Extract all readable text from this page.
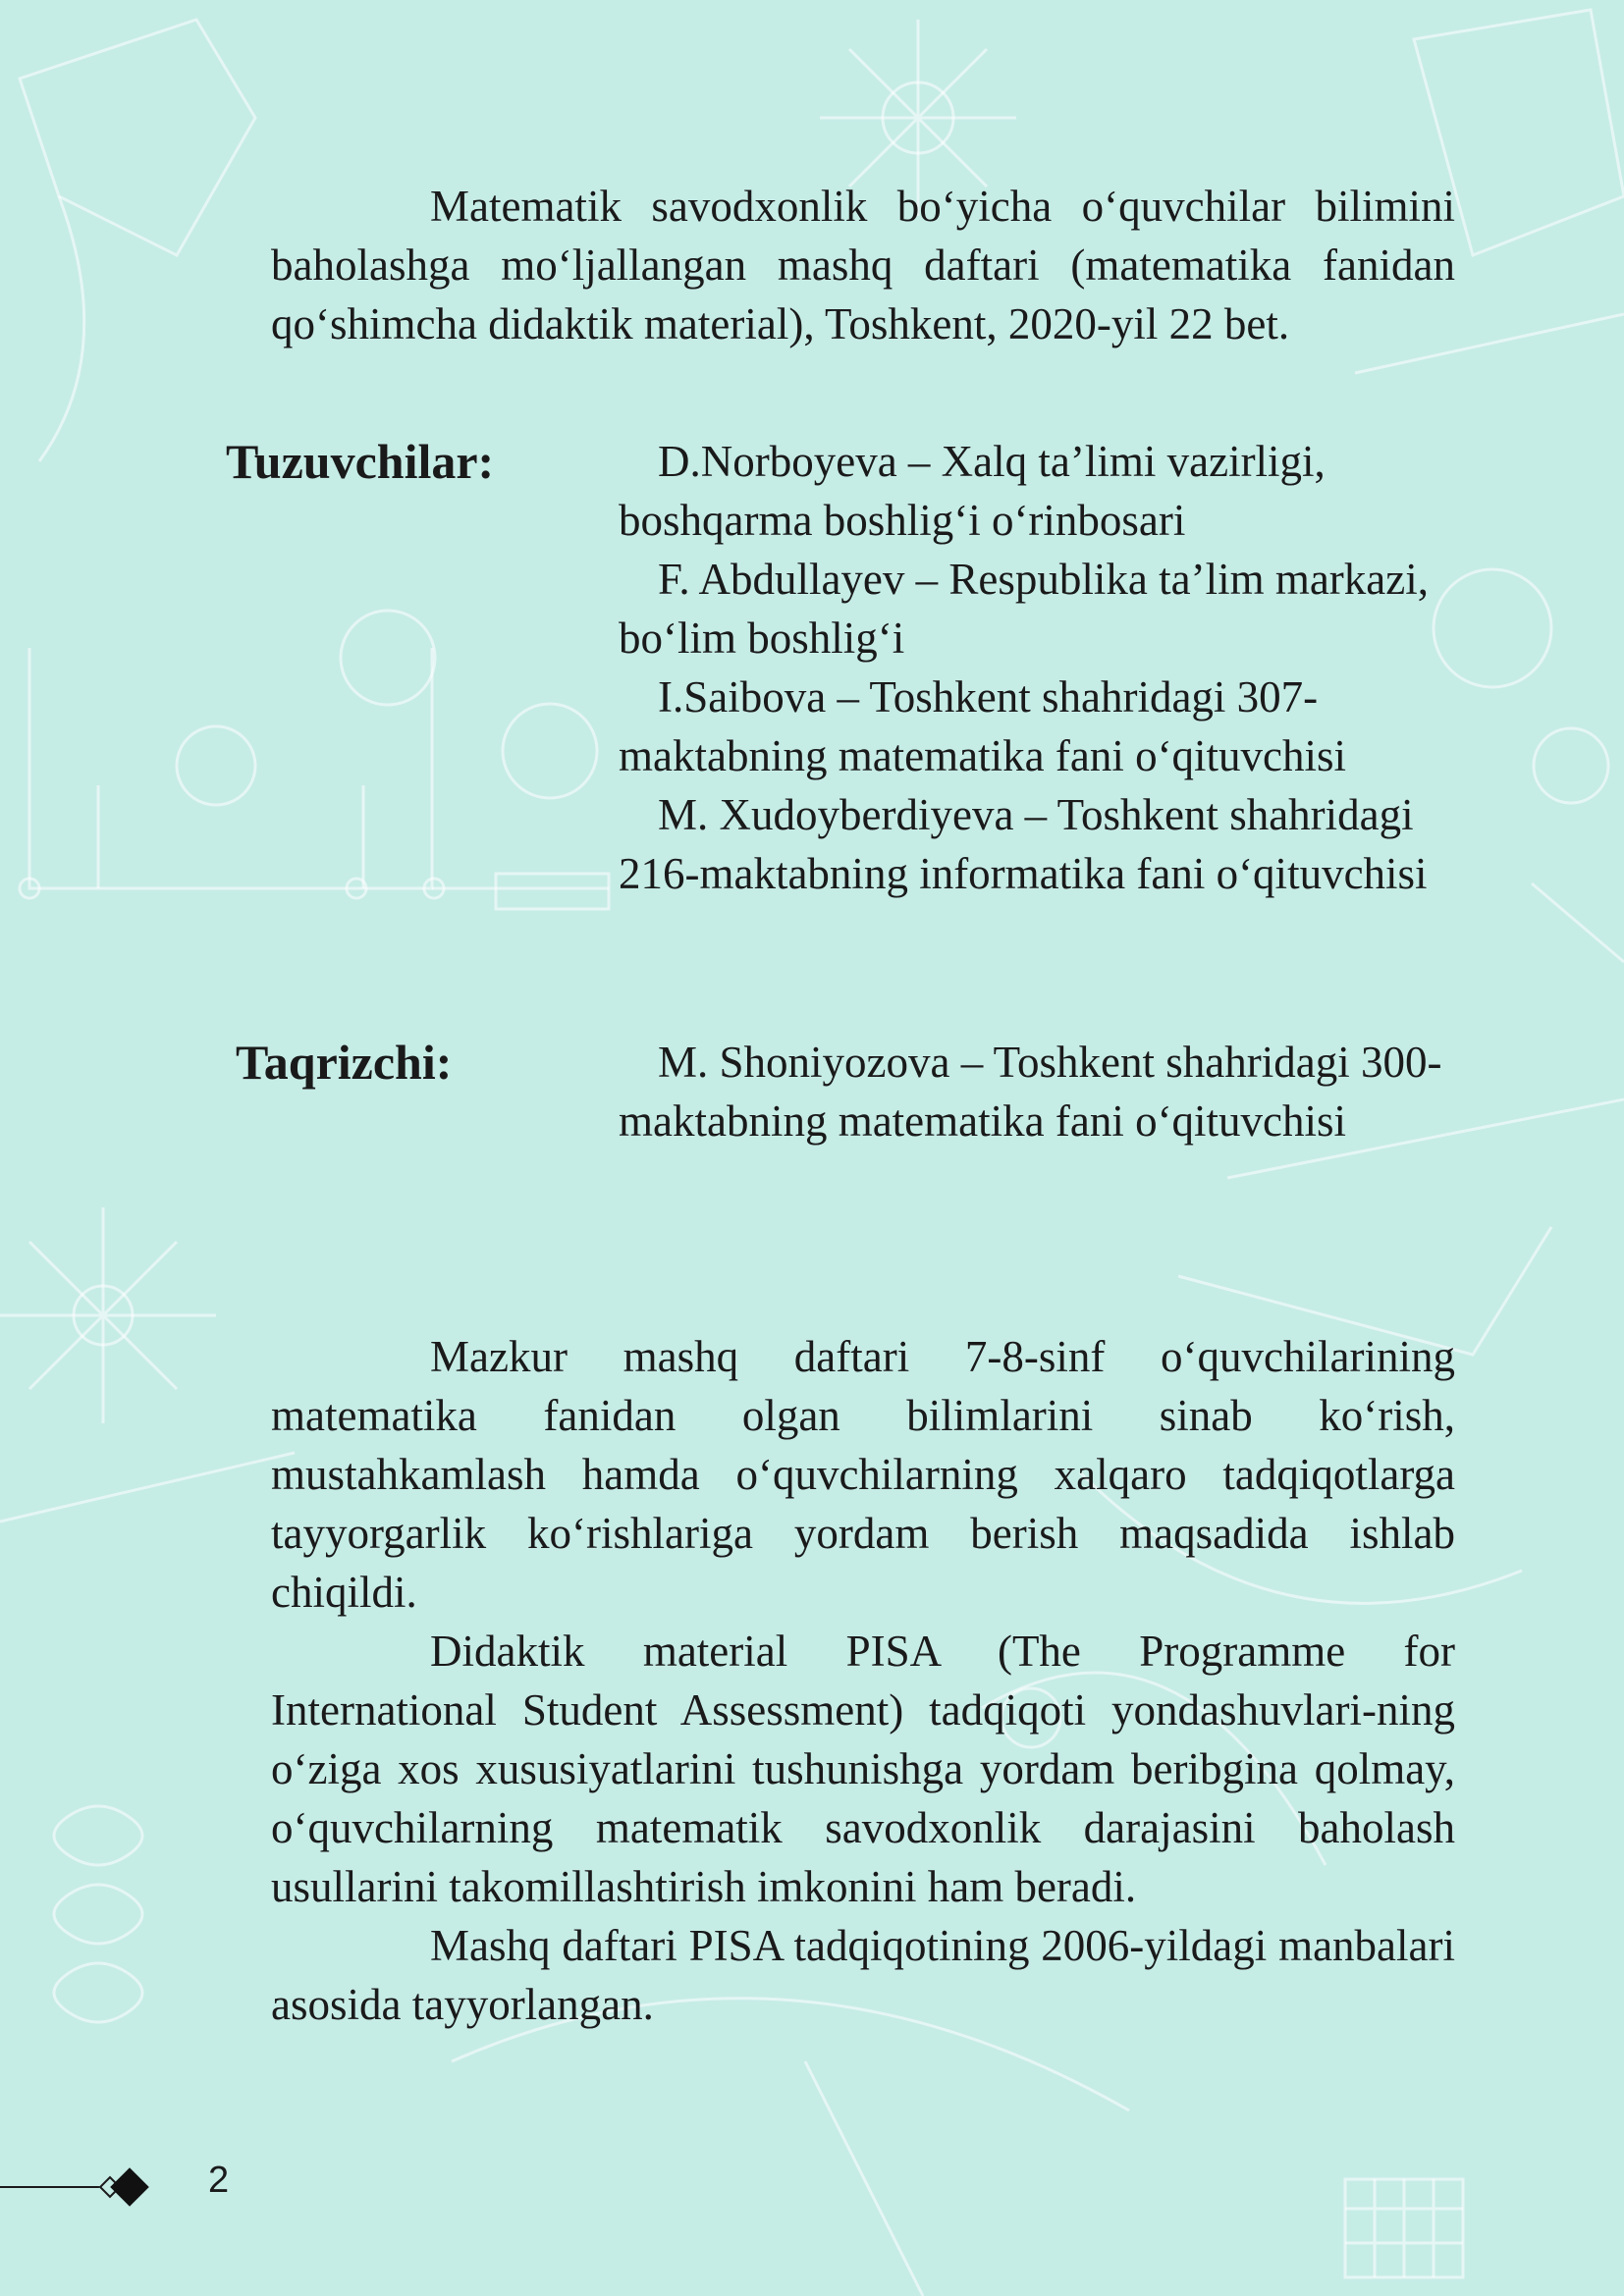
Matematik savodxonlik bo‘yicha o‘quvchilar bilimini baholashga mo‘ljallangan mashq daftari (matematika fanidan qo‘shimcha didaktik material), Toshkent, 2020-yil 22 bet.

Tuzuvchilar:	D.Norboyeva – Xalq ta’limi vazirligi, boshqarma boshlig‘i o‘rinbosari

F. Abdullayev – Respublika ta’lim markazi, bo‘lim boshlig‘i

I.Saibova – Toshkent shahridagi 307-maktabning matematika fani o‘qituvchisi

M. Xudoyberdiyeva – Toshkent shahridagi 216-maktabning informatika fani o‘qituvchisi

Taqrizchi:	M. Shoniyozova – Toshkent shahridagi 300-maktabning matematika fani o‘qituvchisi

Mazkur mashq daftari 7-8-sinf o‘quvchilarining matematika fanidan olgan bilimlarini sinab ko‘rish, mustahkamlash hamda o‘quvchilarning xalqaro tadqiqotlarga tayyorgarlik ko‘rishlariga yordam berish maqsadida ishlab chiqildi.

Didaktik material PISA (The Programme for International Student Assessment) tadqiqoti yondashuvlari-ning o‘ziga xos xususiyatlarini tushunishga yordam beribgina qolmay, o‘quvchilarning matematik savodxonlik darajasini baholash usullarini takomillashtirish imkonini ham beradi.

Mashq daftari PISA tadqiqotining 2006-yildagi manbalari asosida tayyorlangan.

2
